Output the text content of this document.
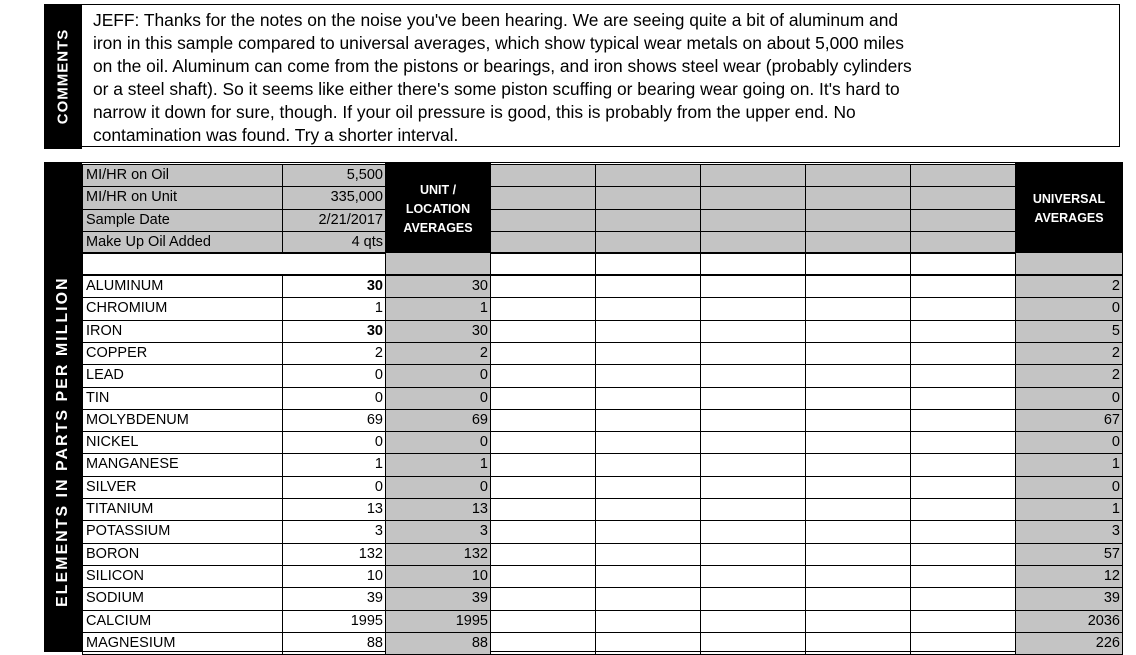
COMMENTS
JEFF: Thanks for the notes on the noise you've been hearing. We are seeing quite a bit of aluminum and
iron in this sample compared to universal averages, which show typical wear metals on about 5,000 miles
on the oil. Aluminum can come from the pistons or bearings, and iron shows steel wear (probably cylinders
or a steel shaft). So it seems like either there's some piston scuffing or bearing wear going on. It's hard to
narrow it down for sure, though. If your oil pressure is good, this is probably from the upper end. No
contamination was found. Try a shorter interval.
ELEMENTS IN PARTS PER MILLION
MI/HR on Oil	5,500
MI/HR on Unit	335,000
Sample Date	2/21/2017
Make Up Oil Added	4 qts
UNIT / LOCATION AVERAGES
UNIVERSAL AVERAGES
ALUMINUM	30	30	2
CHROMIUM	1	1	0
IRON	30	30	5
COPPER	2	2	2
LEAD	0	0	2
TIN	0	0	0
MOLYBDENUM	69	69	67
NICKEL	0	0	0
MANGANESE	1	1	1
SILVER	0	0	0
TITANIUM	13	13	1
POTASSIUM	3	3	3
BORON	132	132	57
SILICON	10	10	12
SODIUM	39	39	39
CALCIUM	1995	1995	2036
MAGNESIUM	88	88	226
